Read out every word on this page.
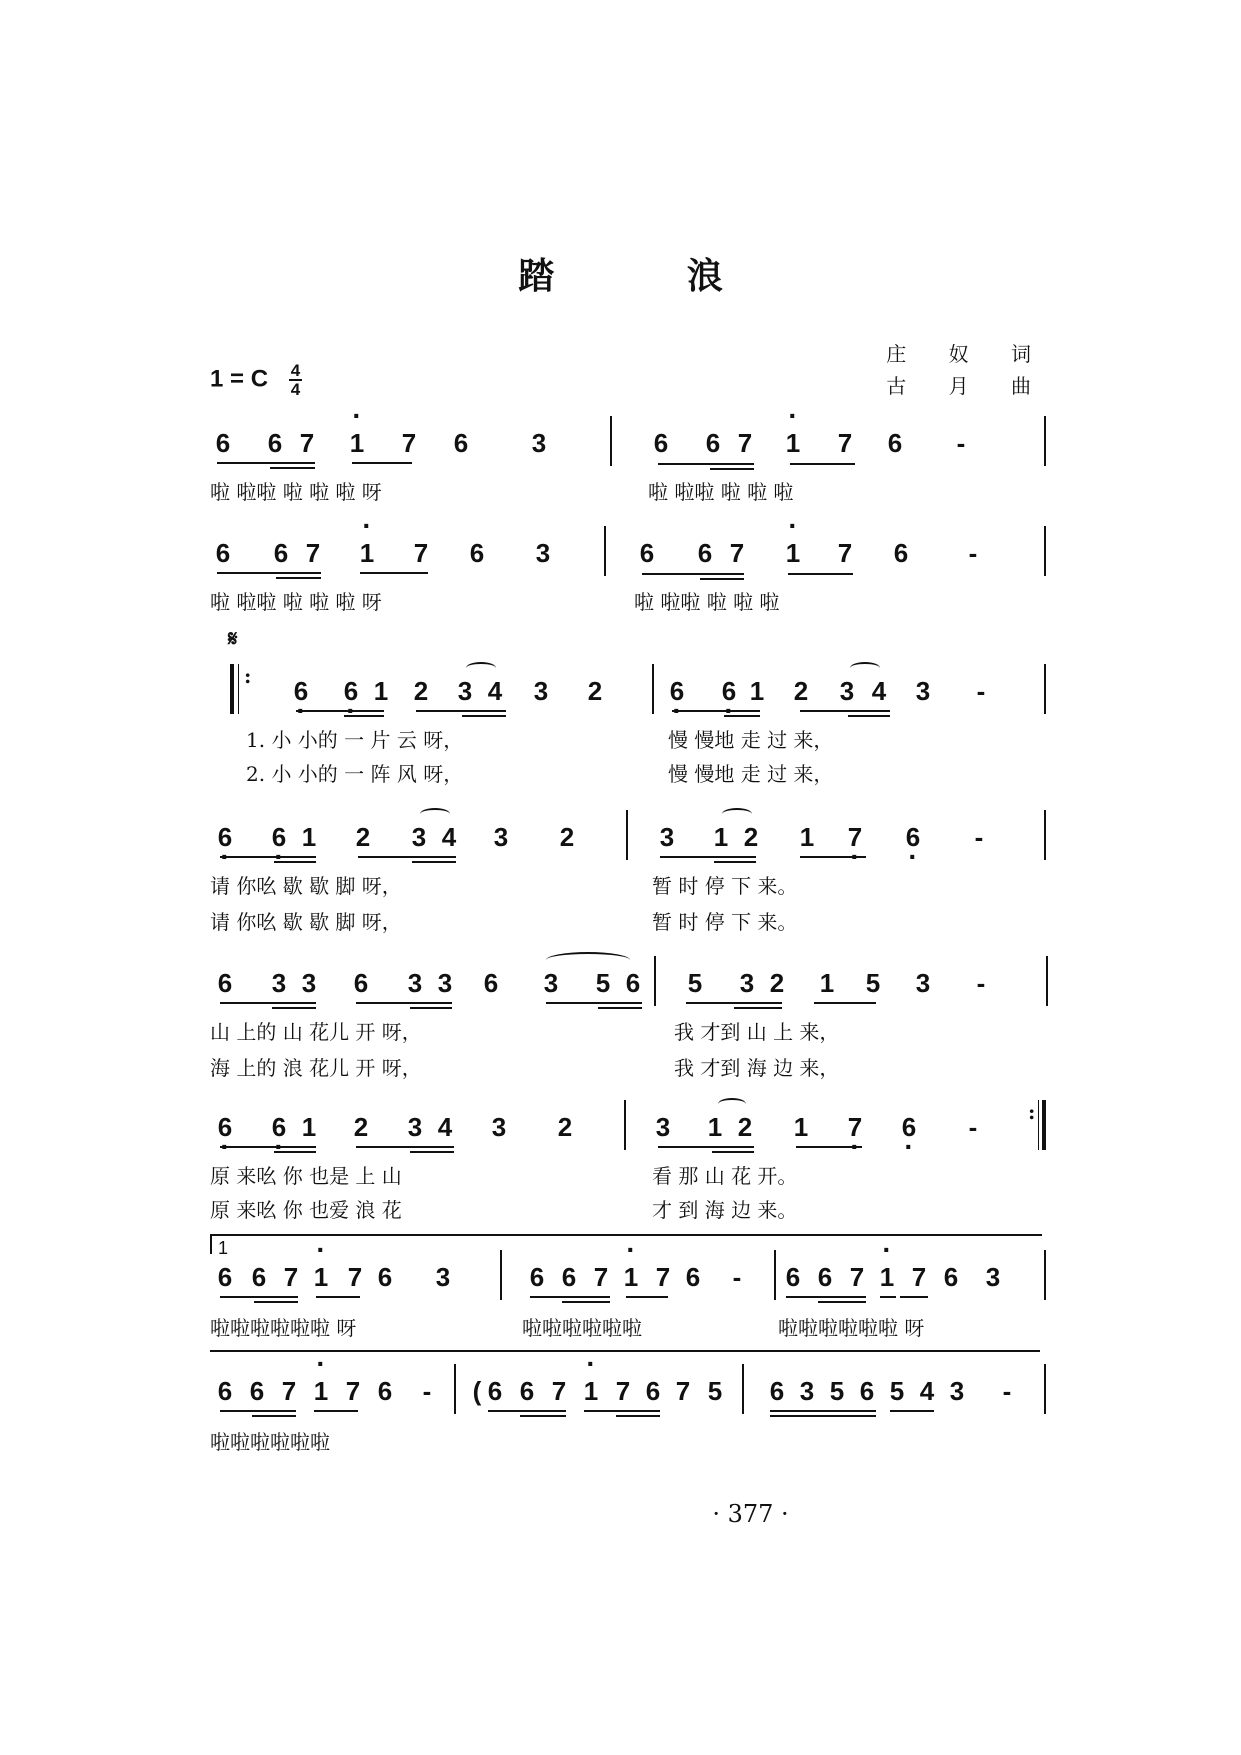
踏 浪
1 = C $\frac{4}{4}$
庄 奴 词
古 月 曲
6 6 7 · 1 7 6 3	6 6 7 · 1 7 6 -
啦 啦啦 啦 啦 啦 呀	啦 啦啦 啦 啦 啦
6 6 7 · 1 7 6 3	6 6 7 · 1 7 6 -
啦 啦啦 啦 啦 啦 呀	啦 啦啦 啦 啦 啦
𝄋
: 6 · 6 · 1 2 3 4 3 2	6 · 6 · 1 2 3 4 3 -
1. 小 小的 一 片 云 呀，	慢 慢地 走 过 来，
2. 小 小的 一 阵 风 呀，	慢 慢地 走 过 来，
6 · 6 · 1 2 3 4 3 2	3 1 2 1 7 · 6 · -
请 你吆 歇 歇 脚 呀，	暂 时 停 下 来。
请 你吆 歇 歇 脚 呀，	暂 时 停 下 来。
6 3 3 6 3 3 6 3 5 6 5 3 2 1 5 3 -
山 上的 山 花儿 开 呀，	我 才到 山 上 来，
海 上的 浪 花儿 开 呀，	我 才到 海 边 来，
6 · 6 · 1 2 3 4 3 2	3 1 2 1 7 · 6 · -	:
原 来吆 你 也是 上 山	看 那 山 花 开。
原 来吆 你 也爱 浪 花	才 到 海 边 来。
1
6 6 7 · 1 7 6 3	6 6 7 · 1 7 6 - 6 6 7 · 1 7 6 3
啦啦啦啦啦啦 呀	啦啦啦啦啦啦	啦啦啦啦啦啦 呀
6 6 7 · 1 7 6 - ( 6 6 7 · 1 7 6 7 5 6 3 5 6 5 4 3 -
啦啦啦啦啦啦
· 377 ·
